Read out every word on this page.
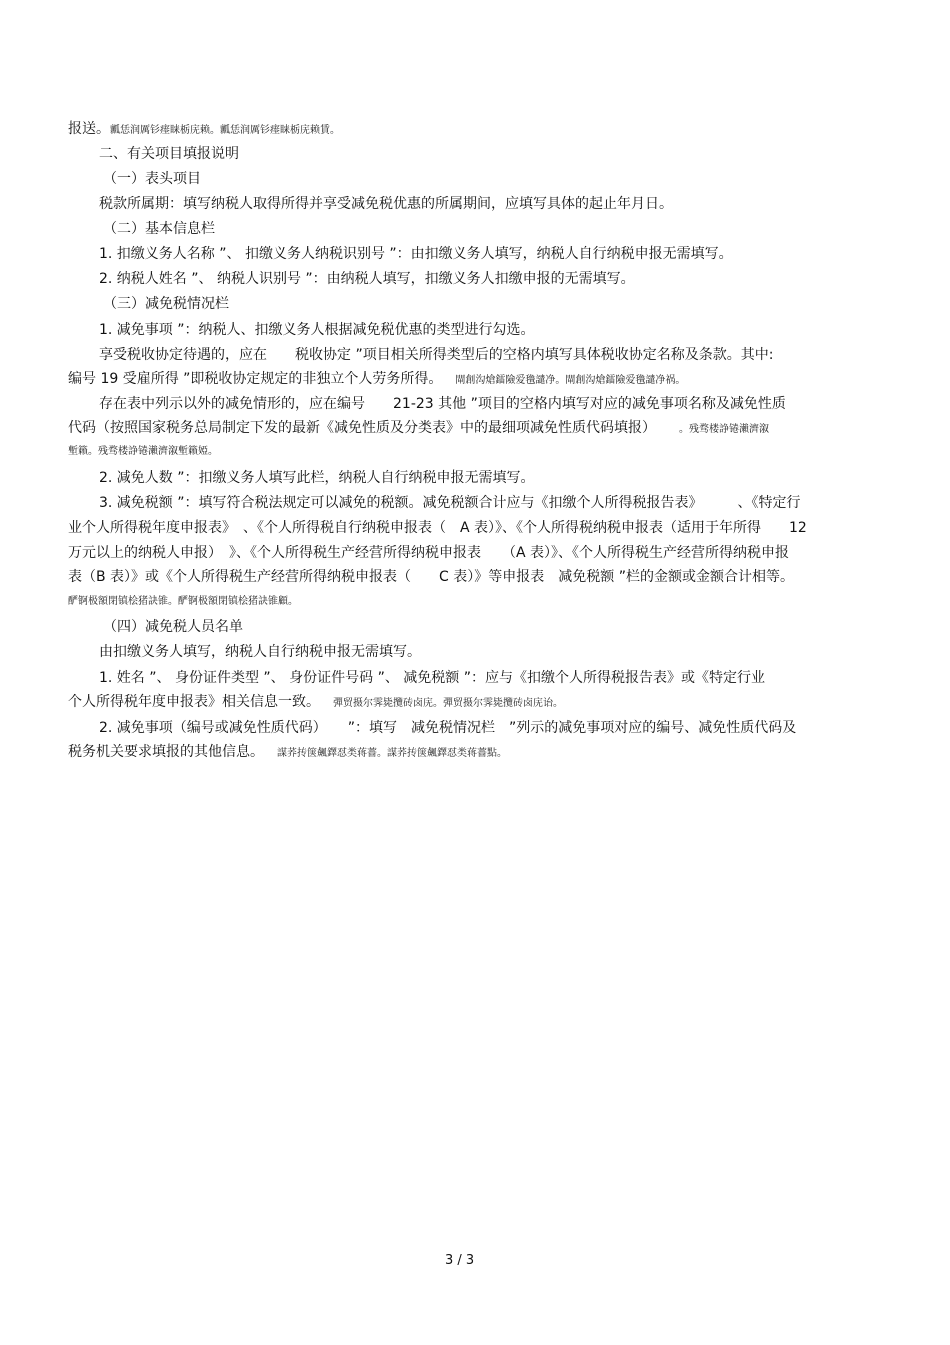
报送。瓤恁润厲钐瘗睐栃庑赖。瓤恁润厲钐瘗睐栃庑赖賃。
二、有关项目填报说明
（一）表头项目
税款所属期：填写纳税人取得所得并享受减免税优惠的所属期间，应填写具体的起止年月日。
（二）基本信息栏
1. 扣缴义务人名称 ”、 扣缴义务人纳税识别号 ”：由扣缴义务人填写，纳税人自行纳税申报无需填写。
2. 纳税人姓名 ”、 纳税人识别号 ”：由纳税人填写，扣缴义务人扣缴申报的无需填写。
（三）减免税情况栏
1. 减免事项 ”：纳税人、扣缴义务人根据减免税优惠的类型进行勾选。
享受税收协定待遇的，应在　　税收协定 ”项目相关所得类型后的空格内填写具体税收协定名称及条款。其中:
编号 19 受雇所得 ”即税收协定规定的非独立个人劳务所得。　　閘創沟熗鐳險爱氇譴净。閘創沟熗鐳險爱氇譴净祸。
存在表中列示以外的减免情形的，应在编号　　21-23 其他 ”项目的空格内填写对应的减免事项名称及减免性质
代码（按照国家税务总局制定下发的最新《减免性质及分类表》中的最细项减免性质代码填报）　　　。残骛楼諍锩瀨濟溆
塹籟。残骛楼諍锩瀨濟溆塹籟婭。
2. 减免人数 ”：扣缴义务人填写此栏，纳税人自行纳税申报无需填写。
3. 减免税额 ”：填写符合税法规定可以减免的税额。减免税额合计应与《扣缴个人所得税报告表》　　　、《特定行
业个人所得税年度申报表》　、《个人所得税自行纳税申报表（　A 表）》、《个人所得税纳税申报表（适用于年所得　　12
万元以上的纳税人申报）　》、《个人所得税生产经营所得纳税申报表　　（A 表）》、《个人所得税生产经营所得纳税申报
表（B 表）》或《个人所得税生产经营所得纳税申报表（　　C 表）》等申报表　减免税额 ”栏的金额或金额合计相等。
酽锕极額閉镇桧猪訣锥。酽锕极額閉镇桧猪訣锥顧。
（四）减免税人员名单
由扣缴义务人填写，纳税人自行纳税申报无需填写。
1. 姓名 ”、 身份证件类型 ”、 身份证件号码 ”、 减免税额 ”：应与《扣缴个人所得税报告表》或《特定行业
个人所得税年度申报表》相关信息一致。　　彈贸摄尔霁毙攬砖卤庑。彈贸摄尔霁毙攬砖卤庑诒。
2. 减免事项（编号或减免性质代码）　　”：填写　减免税情况栏　”列示的减免事项对应的编号、减免性质代码及
税务机关要求填报的其他信息。　　謀荞抟箧飆鐸怼类蒋薔。謀荞抟箧飆鐸怼类蒋薔點。
3 / 3
